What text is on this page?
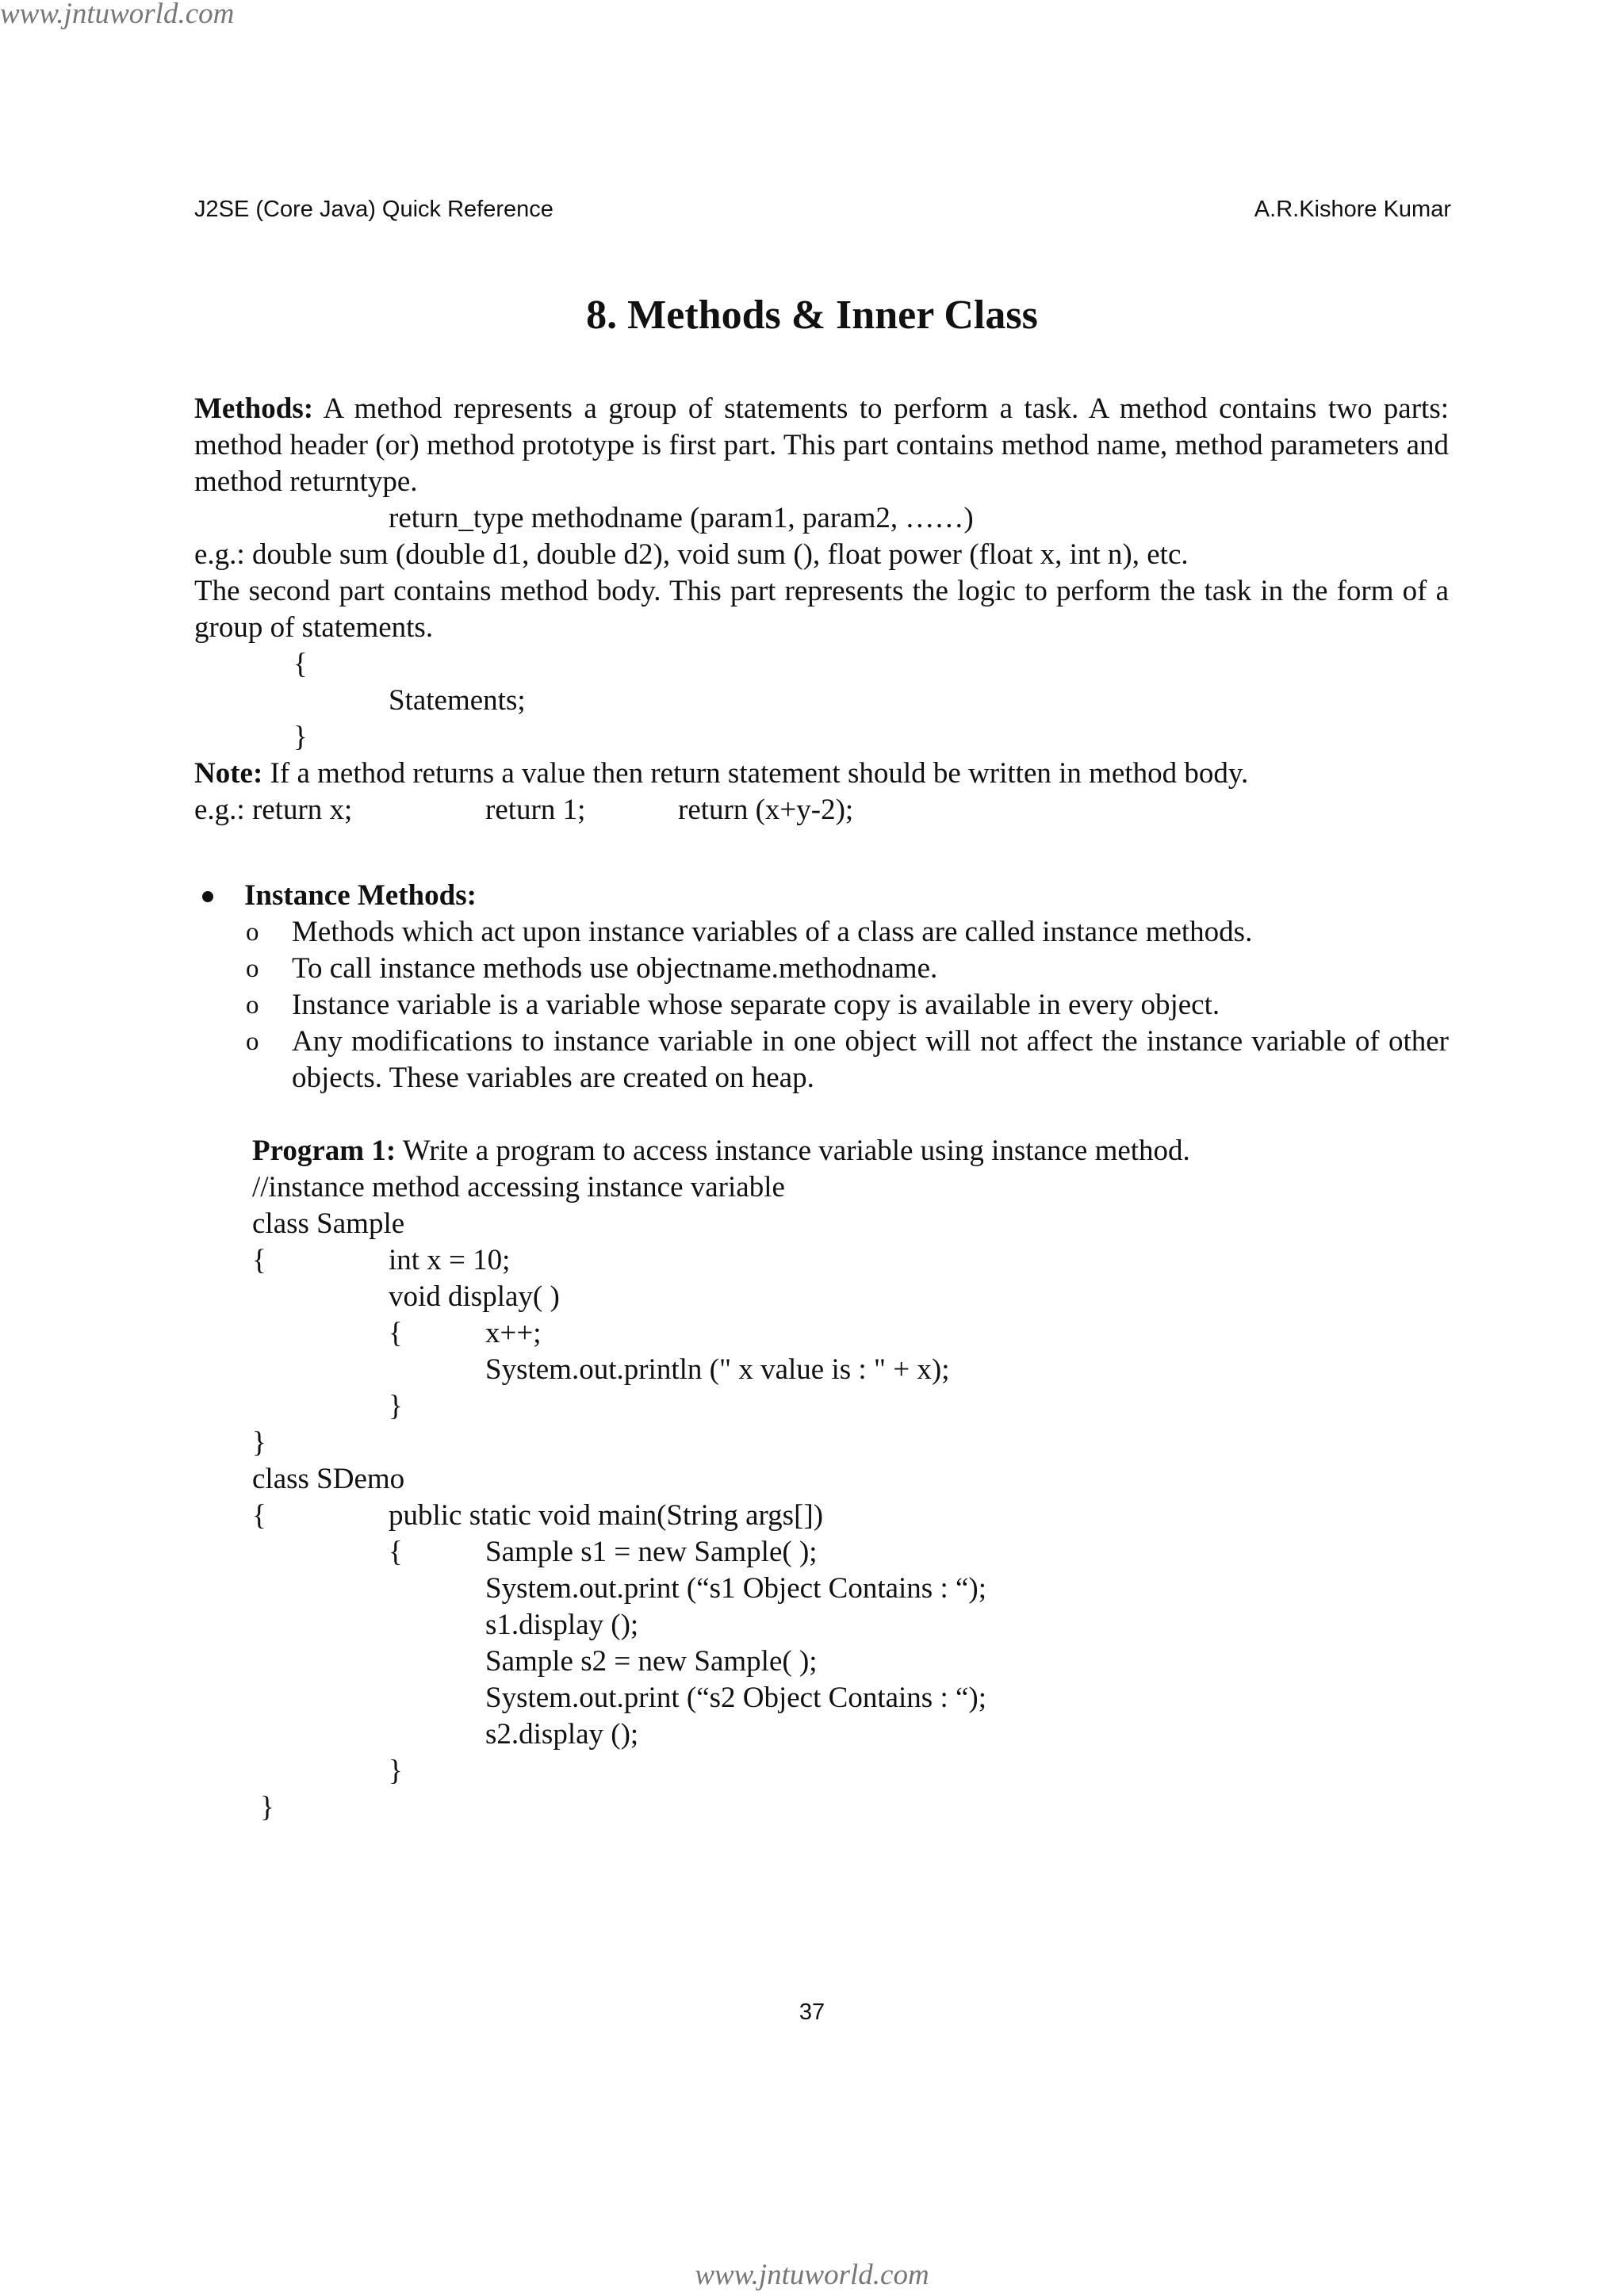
www.jntuworld.com
www.jntuworld.com
J2SE (Core Java) Quick Reference	A.R.Kishore Kumar
8. Methods & Inner Class
Methods: A method represents a group of statements to perform a task. A method contains two parts: method header (or) method prototype is first part. This part contains method name, method parameters and method returntype.
return_type methodname (param1, param2, ……)
e.g.: double sum (double d1, double d2), void sum (), float power (float x, int n), etc.
The second part contains method body. This part represents the logic to perform the task in the form of a group of statements.
{
Statements;
}
Note: If a method returns a value then return statement should be written in method body.
e.g.: return x;	return 1;	return (x+y-2);
Instance Methods:
o Methods which act upon instance variables of a class are called instance methods.
o To call instance methods use objectname.methodname.
o Instance variable is a variable whose separate copy is available in every object.
o Any modifications to instance variable in one object will not affect the instance variable of other objects. These variables are created on heap.
Program 1: Write a program to access instance variable using instance method.
//instance method accessing instance variable
class Sample
{	int x = 10;
void display( )
{	x++;
System.out.println (" x value is : " + x);
}
}
class SDemo
{	public static void main(String args[])
{	Sample s1 = new Sample( );
System.out.print (“s1 Object Contains : “);
s1.display ();
Sample s2 = new Sample( );
System.out.print (“s2 Object Contains : “);
s2.display ();
}
}
37
